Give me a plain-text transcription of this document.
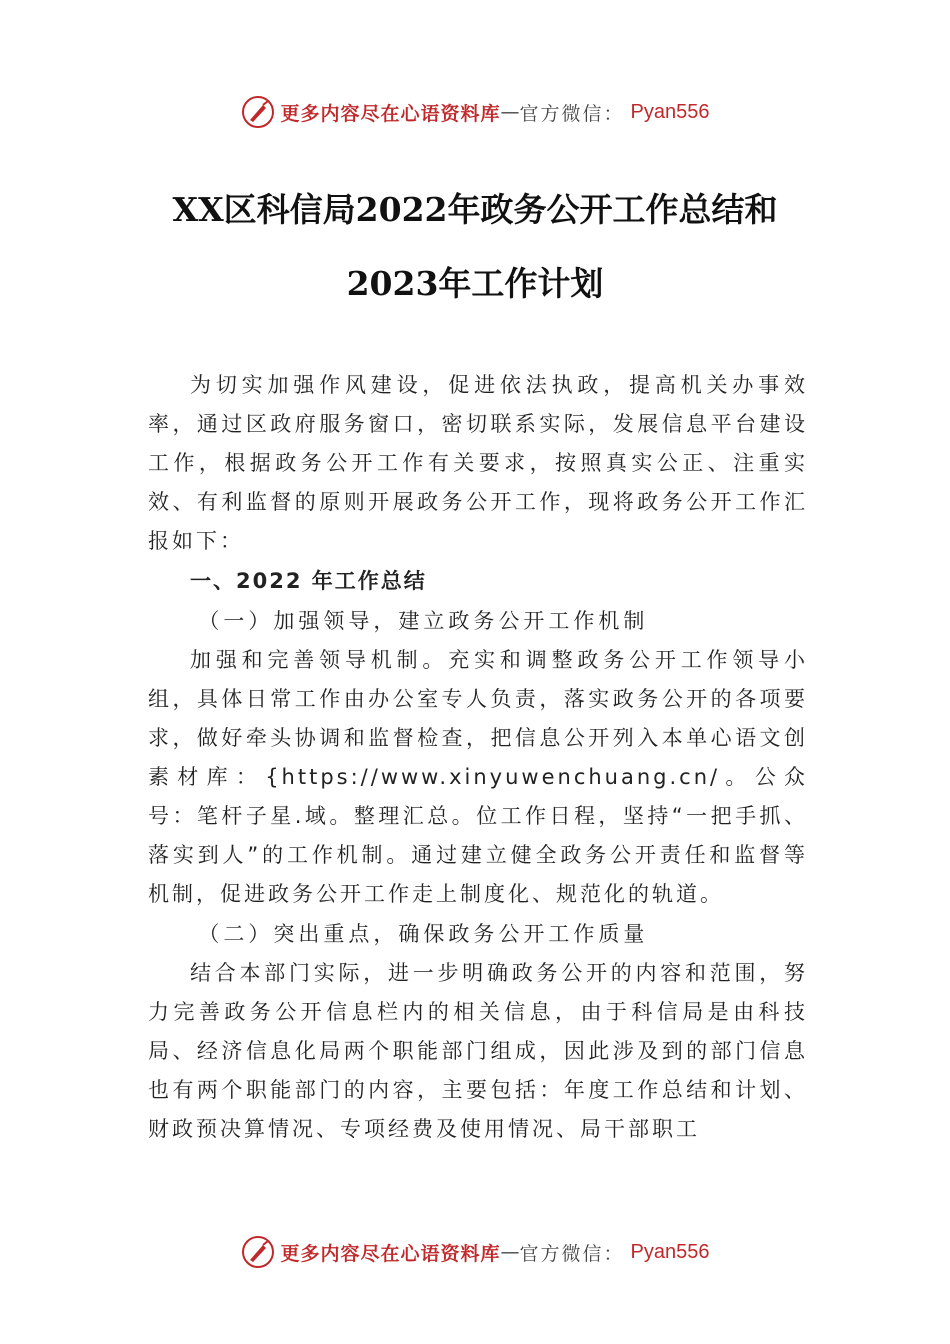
更多内容尽在心语资料库 — 官方微信： Pyan556
XX区科信局2022年政务公开工作总结和
2023年工作计划

为切实加强作风建设，促进依法执政，提高机关办事效率，通过区政府服务窗口，密切联系实际，发展信息平台建设工作，根据政务公开工作有关要求，按照真实公正、注重实效、有利监督的原则开展政务公开工作，现将政务公开工作汇报如下：

一、2022 年工作总结

（一）加强领导，建立政务公开工作机制

加强和完善领导机制。充实和调整政务公开工作领导小组，具体日常工作由办公室专人负责，落实政务公开的各项要求，做好牵头协调和监督检查，把信息公开列入本单心语文创素材库：{https://www.xinyuwenchuang.cn/。公众号：笔杆子星.域。整理汇总。位工作日程，坚持“一把手抓、落实到人”的工作机制。通过建立健全政务公开责任和监督等机制，促进政务公开工作走上制度化、规范化的轨道。

（二）突出重点，确保政务公开工作质量

结合本部门实际，进一步明确政务公开的内容和范围，努力完善政务公开信息栏内的相关信息，由于科信局是由科技局、经济信息化局两个职能部门组成，因此涉及到的部门信息也有两个职能部门的内容，主要包括：年度工作总结和计划、财政预决算情况、专项经费及使用情况、局干部职工

更多内容尽在心语资料库 — 官方微信： Pyan556
